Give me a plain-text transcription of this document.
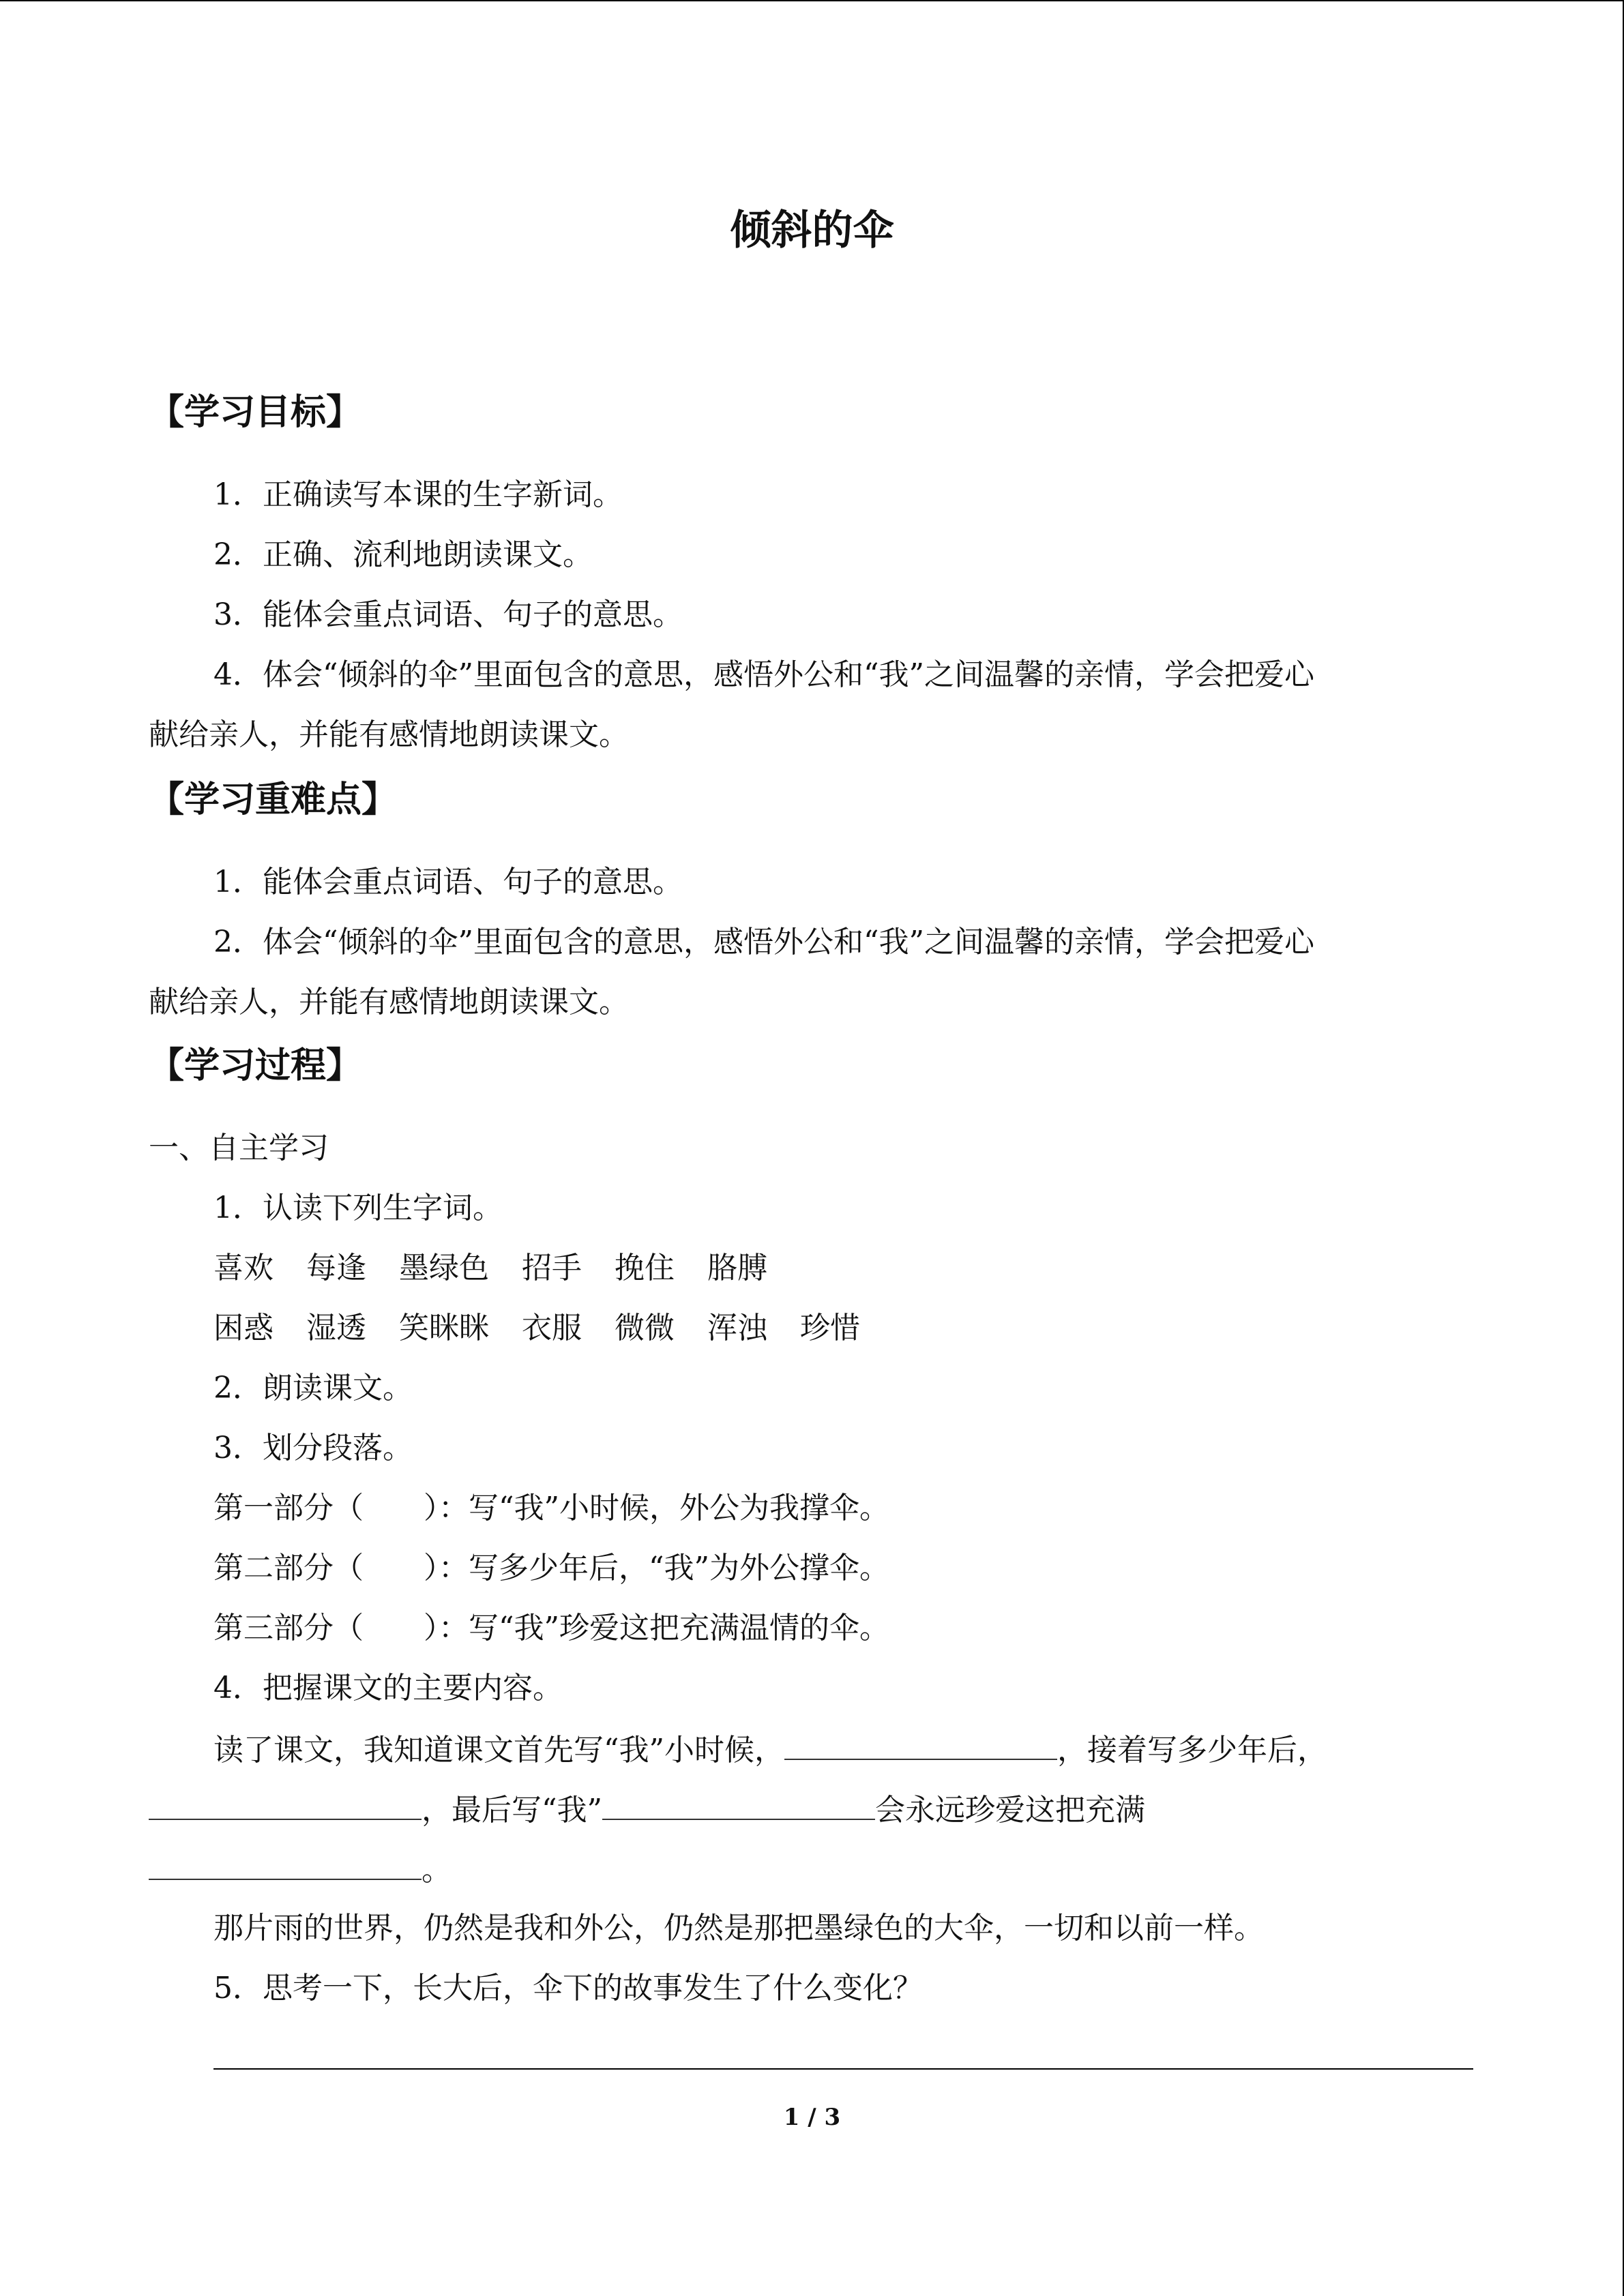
倾斜的伞
【学习目标】
1．正确读写本课的生字新词。
2．正确、流利地朗读课文。
3．能体会重点词语、句子的意思。
4．体会“倾斜的伞”里面包含的意思，感悟外公和“我”之间温馨的亲情，学会把爱心
献给亲人，并能有感情地朗读课文。
【学习重难点】
1．能体会重点词语、句子的意思。
2．体会“倾斜的伞”里面包含的意思，感悟外公和“我”之间温馨的亲情，学会把爱心
献给亲人，并能有感情地朗读课文。
【学习过程】
一、自主学习
1．认读下列生字词。
喜欢 每逢 墨绿色 招手 挽住 胳膊
困惑 湿透 笑眯眯 衣服 微微 浑浊 珍惜
2．朗读课文。
3．划分段落。
第一部分（　　）：写“我”小时候，外公为我撑伞。
第二部分（　　）：写多少年后，“我”为外公撑伞。
第三部分（　　）：写“我”珍爱这把充满温情的伞。
4．把握课文的主要内容。
读了课文，我知道课文首先写“我”小时候，	，接着写多少年后，
，最后写“我”	会永远珍爱这把充满
。
那片雨的世界，仍然是我和外公，仍然是那把墨绿色的大伞，一切和以前一样。
5．思考一下，长大后，伞下的故事发生了什么变化？
1 / 3
